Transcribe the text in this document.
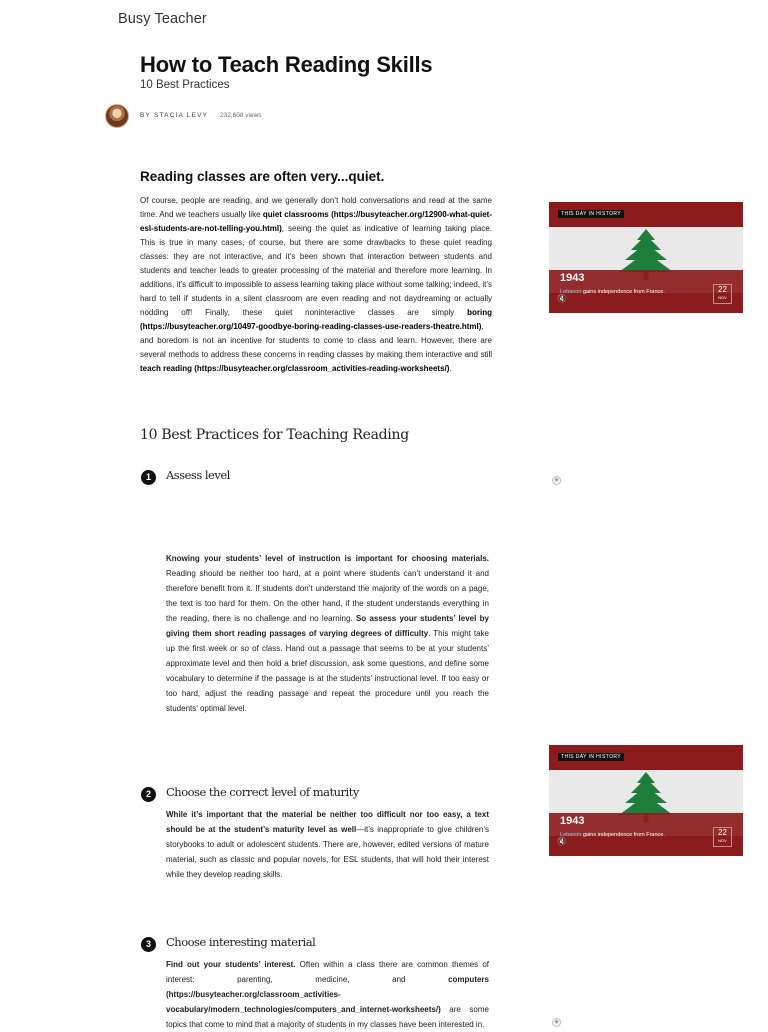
Busy Teacher
How to Teach Reading Skills
10 Best Practices
BY STACIA LEVY 232,608 views
Reading classes are often very...quiet.
Of course, people are reading, and we generally don’t hold conversations and read at the same time. And we teachers usually like quiet classrooms (https://busyteacher.org/12900-what-quiet-esl-students-are-not-telling-you.html), seeing the quiet as indicative of learning taking place. This is true in many cases, of course, but there are some drawbacks to these quiet reading classes: they are not interactive, and it’s been shown that interaction between students and students and teacher leads to greater processing of the material and therefore more learning. In additions, it’s difficult to impossible to assess learning taking place without some talking; indeed, it’s hard to tell if students in a silent classroom are even reading and not daydreaming or actually nodding off! Finally, these quiet noninteractive classes are simply boring (https://busyteacher.org/10497-goodbye-boring-reading-classes-use-readers-theatre.html), and boredom is not an incentive for students to come to class and learn. However, there are several methods to address these concerns in reading classes by making them interactive and still teach reading (https://busyteacher.org/classroom_activities-reading-worksheets/).
10 Best Practices for Teaching Reading
1	Assess level
Knowing your students’ level of instruction is important for choosing materials. Reading should be neither too hard, at a point where students can’t understand it and therefore benefit from it. If students don’t understand the majority of the words on a page, the text is too hard for them. On the other hand, if the student understands everything in the reading, there is no challenge and no learning. So assess your students’ level by giving them short reading passages of varying degrees of difficulty. This might take up the first week or so of class. Hand out a passage that seems to be at your students’ approximate level and then hold a brief discussion, ask some questions, and define some vocabulary to determine if the passage is at the students’ instructional level. If too easy or too hard, adjust the reading passage and repeat the procedure until you reach the students’ optimal level.
2	Choose the correct level of maturity
While it’s important that the material be neither too difficult nor too easy, a text should be at the student’s maturity level as well—it’s inappropriate to give children’s storybooks to adult or adolescent students. There are, however, edited versions of mature material, such as classic and popular novels, for ESL students, that will hold their interest while they develop reading skills.
3	Choose interesting material
Find out your students’ interest. Often within a class there are common themes of interest: parenting, medicine, and computers (https://busyteacher.org/classroom_activities-vocabulary/modern_technologies/computers_and_internet-worksheets/) are some topics that come to mind that a majority of students in my classes have been interested in.
THIS DAY IN HISTORY
1943
Lebanon gains independence from France.
🔇
22
NOV
THIS DAY IN HISTORY
1943
Lebanon gains independence from France.
🔇
22
NOV
◉
◉
